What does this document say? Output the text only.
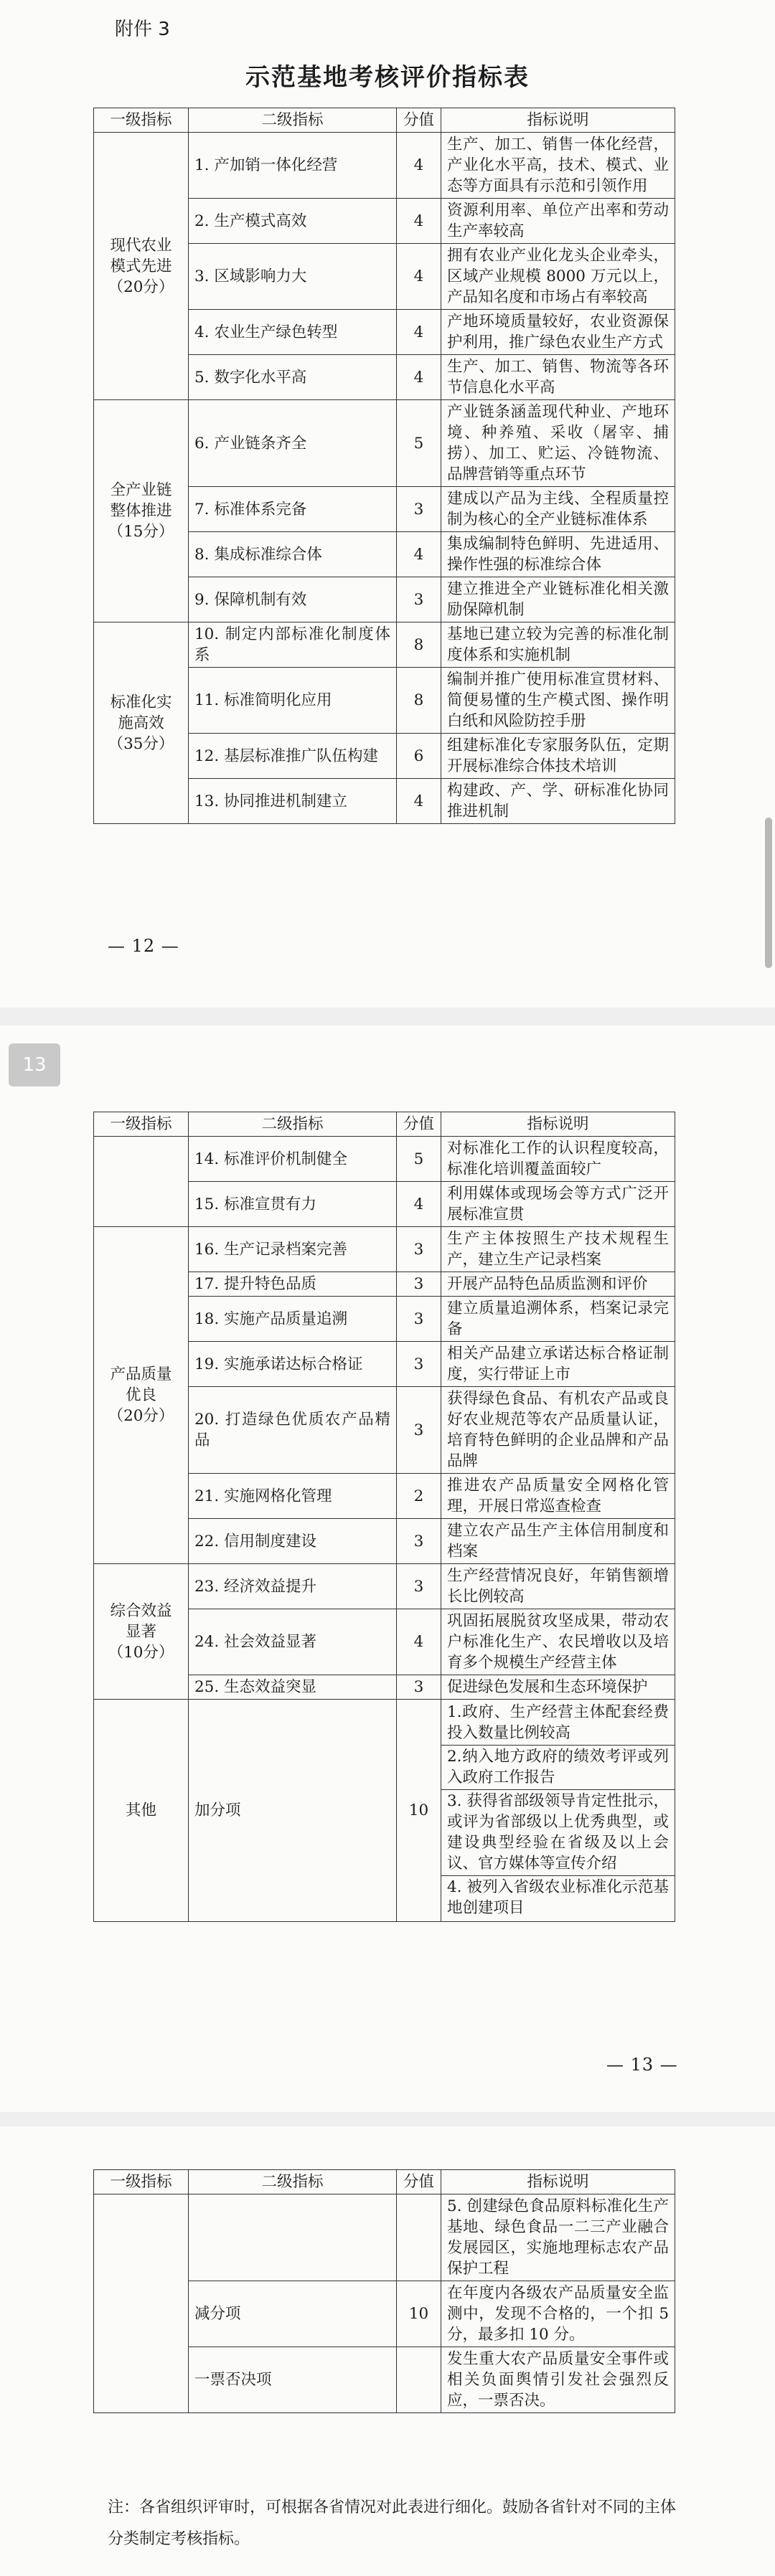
附件 3
示范基地考核评价指标表
一级指标	二级指标	分值	指标说明

现代农业
模式先进
（20分）	1. 产加销一体化经营	4	生产、加工、销售一体化经营，产业化水平高，技术、模式、业态等方面具有示范和引领作用
	2. 生产模式高效	4	资源利用率、单位产出率和劳动生产率较高
	3. 区域影响力大	4	拥有农业产业化龙头企业牵头，区域产业规模 8000 万元以上，产品知名度和市场占有率较高
	4. 农业生产绿色转型	4	产地环境质量较好，农业资源保护利用，推广绿色农业生产方式
	5. 数字化水平高	4	生产、加工、销售、物流等各环节信息化水平高

全产业链
整体推进
（15分）	6. 产业链条齐全	5	产业链条涵盖现代种业、产地环境、种养殖、采收（屠宰、捕捞）、加工、贮运、冷链物流、品牌营销等重点环节
	7. 标准体系完备	3	建成以产品为主线、全程质量控制为核心的全产业链标准体系
	8. 集成标准综合体	4	集成编制特色鲜明、先进适用、操作性强的标准综合体
	9. 保障机制有效	3	建立推进全产业链标准化相关激励保障机制

标准化实
施高效
（35分）	10. 制定内部标准化制度体系	8	基地已建立较为完善的标准化制度体系和实施机制
	11. 标准简明化应用	8	编制并推广使用标准宣贯材料、简便易懂的生产模式图、操作明白纸和风险防控手册
	12. 基层标准推广队伍构建	6	组建标准化专家服务队伍，定期开展标准综合体技术培训
	13. 协同推进机制建立	4	构建政、产、学、研标准化协同推进机制
— 12 —
一级指标	二级指标	分值	指标说明
	14. 标准评价机制健全	5	对标准化工作的认识程度较高，标准化培训覆盖面较广
	15. 标准宣贯有力	4	利用媒体或现场会等方式广泛开展标准宣贯

产品质量
优良
（20分）	16. 生产记录档案完善	3	生产主体按照生产技术规程生产，建立生产记录档案
	17. 提升特色品质	3	开展产品特色品质监测和评价
	18. 实施产品质量追溯	3	建立质量追溯体系，档案记录完备
	19. 实施承诺达标合格证	3	相关产品建立承诺达标合格证制度，实行带证上市
	20. 打造绿色优质农产品精品	3	获得绿色食品、有机农产品或良好农业规范等农产品质量认证，培育特色鲜明的企业品牌和产品品牌
	21. 实施网格化管理	2	推进农产品质量安全网格化管理，开展日常巡查检查
	22. 信用制度建设	3	建立农产品生产主体信用制度和档案

综合效益
显著
（10分）	23. 经济效益提升	3	生产经营情况良好，年销售额增长比例较高
	24. 社会效益显著	4	巩固拓展脱贫攻坚成果，带动农户标准化生产、农民增收以及培育多个规模生产经营主体
	25. 生态效益突显	3	促进绿色发展和生态环境保护
其他	加分项	10	1.政府、生产经营主体配套经费投入数量比例较高
2.纳入地方政府的绩效考评或列入政府工作报告
3. 获得省部级领导肯定性批示，或评为省部级以上优秀典型，或建设典型经验在省级及以上会议、官方媒体等宣传介绍
4. 被列入省级农业标准化示范基地创建项目
— 13 —
13
一级指标	二级指标	分值	指标说明
			5. 创建绿色食品原料标准化生产基地、绿色食品一二三产业融合发展园区，实施地理标志农产品保护工程
	减分项	10	在年度内各级农产品质量安全监测中，发现不合格的，一个扣 5 分，最多扣 10 分。
	一票否决项		发生重大农产品质量安全事件或相关负面舆情引发社会强烈反应，一票否决。
注：各省组织评审时，可根据各省情况对此表进行细化。鼓励各省针对不同的主体分类制定考核指标。
